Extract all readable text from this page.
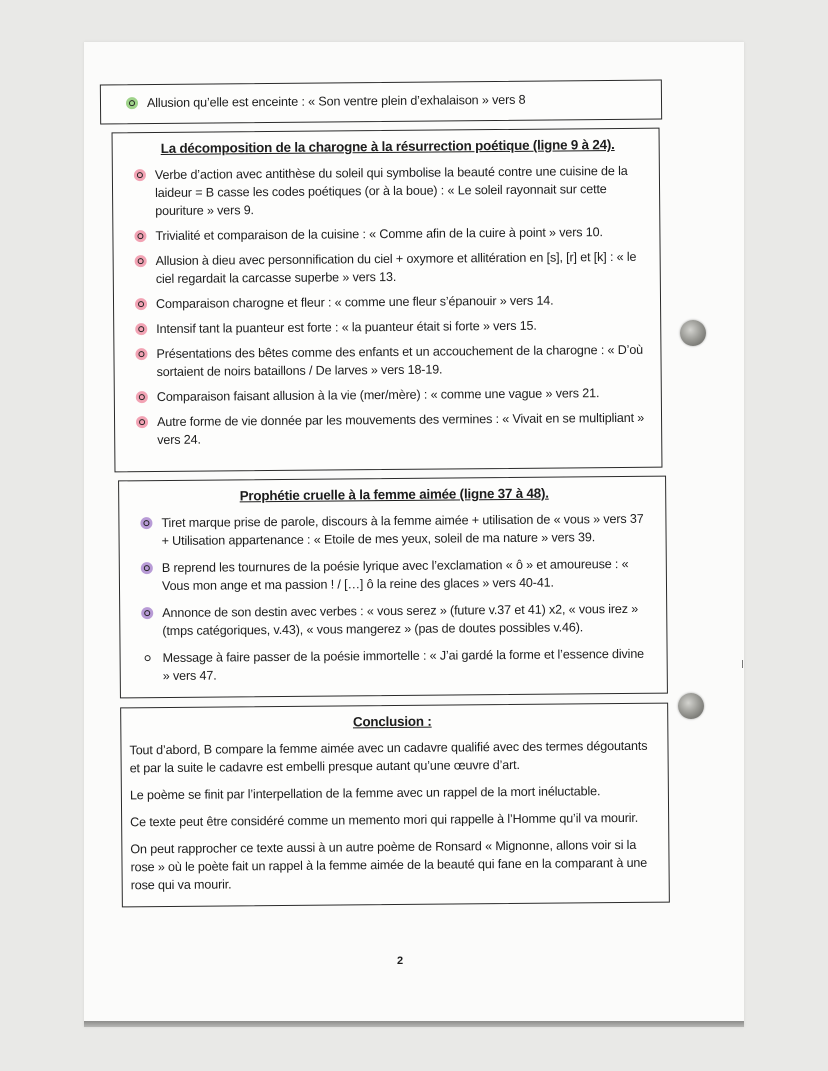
Allusion qu’elle est enceinte : « Son ventre plein d’exhalaison » vers 8
La décomposition de la charogne à la résurrection poétique (ligne 9 à 24).
Verbe d’action avec antithèse du soleil qui symbolise la beauté contre une cuisine de la laideur = B casse les codes poétiques (or à la boue) : « Le soleil rayonnait sur cette pouriture » vers 9.
Trivialité et comparaison de la cuisine : « Comme afin de la cuire à point » vers 10.
Allusion à dieu avec personnification du ciel + oxymore et allitération en [s], [r] et [k] : « le ciel regardait la carcasse superbe » vers 13.
Comparaison charogne et fleur : « comme une fleur s’épanouir » vers 14.
Intensif tant la puanteur est forte : « la puanteur était si forte » vers 15.
Présentations des bêtes comme des enfants et un accouchement de la charogne : « D’où sortaient de noirs bataillons / De larves » vers 18-19.
Comparaison faisant allusion à la vie (mer/mère) : « comme une vague » vers 21.
Autre forme de vie donnée par les mouvements des vermines : « Vivait en se multipliant » vers 24.
Prophétie cruelle à la femme aimée (ligne 37 à 48).
Tiret marque prise de parole, discours à la femme aimée + utilisation de « vous » vers 37 + Utilisation appartenance : « Etoile de mes yeux, soleil de ma nature » vers 39.
B reprend les tournures de la poésie lyrique avec l’exclamation « ô » et amoureuse : « Vous mon ange et ma passion ! / […] ô la reine des glaces » vers 40-41.
Annonce de son destin avec verbes : « vous serez » (future v.37 et 41) x2, « vous irez » (tmps catégoriques, v.43), « vous mangerez » (pas de doutes possibles v.46).
Message à faire passer de la poésie immortelle : « J’ai gardé la forme et l’essence divine » vers 47.
Conclusion :

Tout d’abord, B compare la femme aimée avec un cadavre qualifié avec des termes dégoutants et par la suite le cadavre est embelli presque autant qu’une œuvre d’art.

Le poème se finit par l’interpellation de la femme avec un rappel de la mort inéluctable.

Ce texte peut être considéré comme un memento mori qui rappelle à l’Homme qu’il va mourir.

On peut rapprocher ce texte aussi à un autre poème de Ronsard « Mignonne, allons voir si la rose » où le poète fait un rappel à la femme aimée de la beauté qui fane en la comparant à une rose qui va mourir.

2
